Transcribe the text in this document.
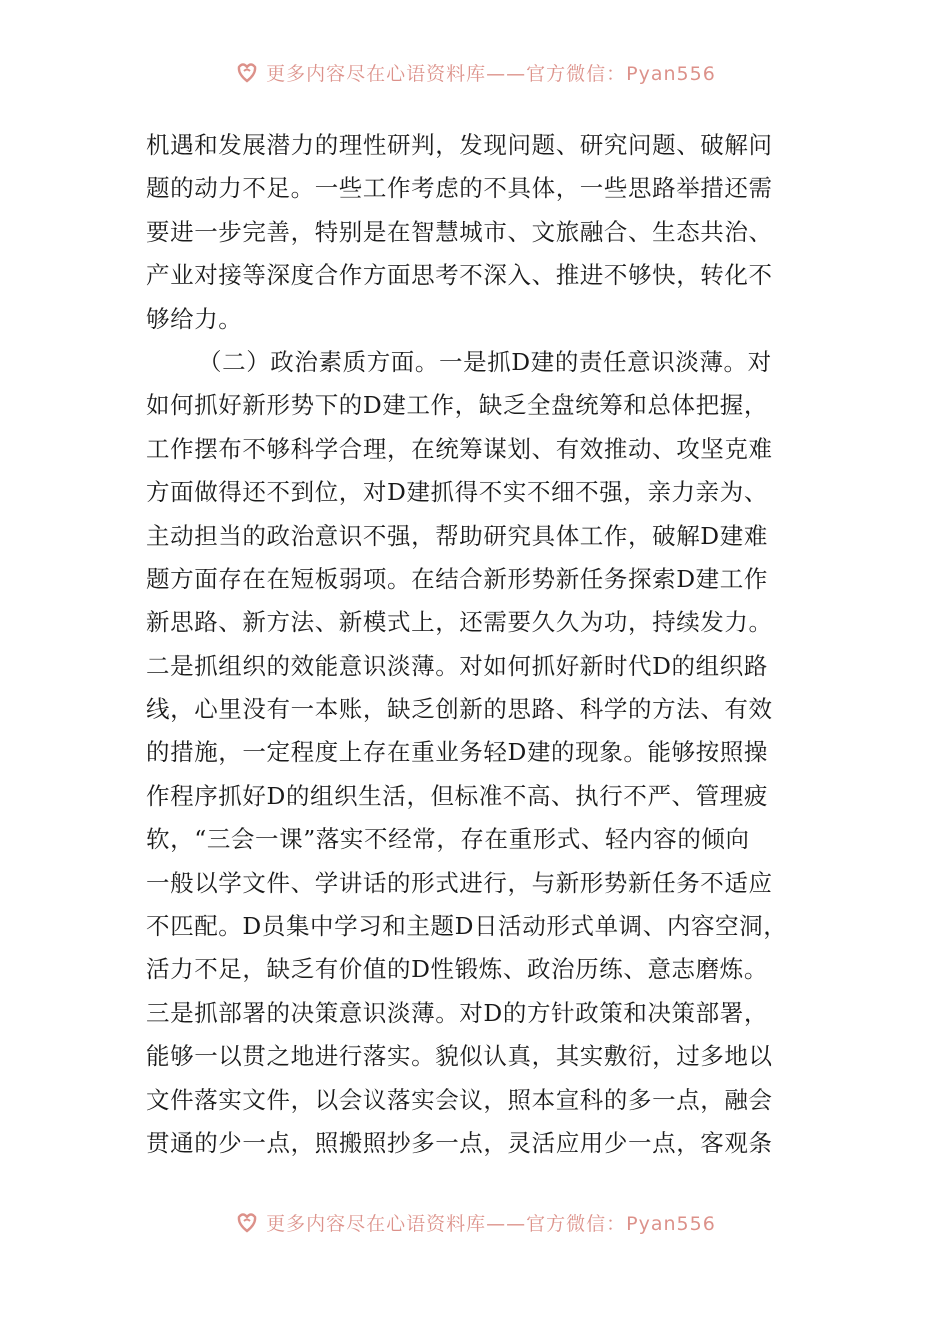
更多内容尽在心语资料库——官方微信：Pyan556
机遇和发展潜力的理性研判，发现问题、研究问题、破解问
题的动力不足。一些工作考虑的不具体，一些思路举措还需
要进一步完善，特别是在智慧城市、文旅融合、生态共治、
产业对接等深度合作方面思考不深入、推进不够快，转化不
够给力。
（二）政治素质方面。一是抓D建的责任意识淡薄。对
如何抓好新形势下的D建工作，缺乏全盘统筹和总体把握，
工作摆布不够科学合理，在统筹谋划、有效推动、攻坚克难
方面做得还不到位，对D建抓得不实不细不强，亲力亲为、
主动担当的政治意识不强，帮助研究具体工作，破解D建难
题方面存在在短板弱项。在结合新形势新任务探索D建工作
新思路、新方法、新模式上，还需要久久为功，持续发力。
二是抓组织的效能意识淡薄。对如何抓好新时代D的组织路
线，心里没有一本账，缺乏创新的思路、科学的方法、有效
的措施，一定程度上存在重业务轻D建的现象。能够按照操
作程序抓好D的组织生活，但标准不高、执行不严、管理疲
软，“三会一课”落实不经常，存在重形式、轻内容的倾向
一般以学文件、学讲话的形式进行，与新形势新任务不适应
不匹配。D员集中学习和主题D日活动形式单调、内容空洞，
活力不足，缺乏有价值的D性锻炼、政治历练、意志磨炼。
三是抓部署的决策意识淡薄。对D的方针政策和决策部署，
能够一以贯之地进行落实。貌似认真，其实敷衍，过多地以
文件落实文件，以会议落实会议，照本宣科的多一点，融会
贯通的少一点，照搬照抄多一点，灵活应用少一点，客观条
更多内容尽在心语资料库——官方微信：Pyan556
